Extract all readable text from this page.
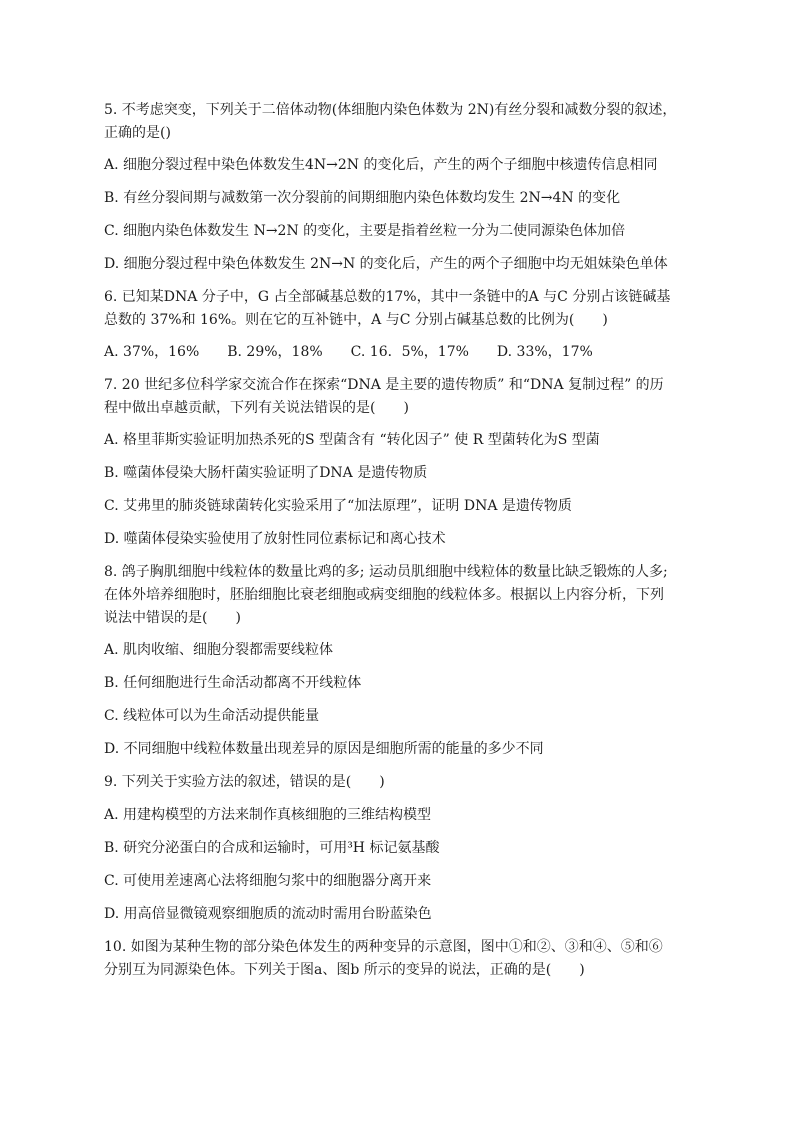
5. 不考虑突变，下列关于二倍体动物(体细胞内染色体数为 2N)有丝分裂和减数分裂的叙述，
正确的是()
A. 细胞分裂过程中染色体数发生4N→2N 的变化后，产生的两个子细胞中核遗传信息相同
B. 有丝分裂间期与减数第一次分裂前的间期细胞内染色体数均发生 2N→4N 的变化
C. 细胞内染色体数发生 N→2N 的变化，主要是指着丝粒一分为二使同源染色体加倍
D. 细胞分裂过程中染色体数发生 2N→N 的变化后，产生的两个子细胞中均无姐妹染色单体
6. 已知某DNA 分子中，G 占全部碱基总数的17%，其中一条链中的A 与C 分别占该链碱基
总数的 37%和 16%。则在它的互补链中，A 与C 分别占碱基总数的比例为(　　)
A. 37%，16%　　B. 29%，18%　　C. 16．5%，17%　　D. 33%，17%
7. 20 世纪多位科学家交流合作在探索“DNA 是主要的遗传物质” 和“DNA 复制过程” 的历
程中做出卓越贡献，下列有关说法错误的是(　　)
A. 格里菲斯实验证明加热杀死的S 型菌含有 “转化因子” 使 R 型菌转化为S 型菌
B. 噬菌体侵染大肠杆菌实验证明了DNA 是遗传物质
C. 艾弗里的肺炎链球菌转化实验采用了“加法原理”，证明 DNA 是遗传物质
D. 噬菌体侵染实验使用了放射性同位素标记和离心技术
8. 鸽子胸肌细胞中线粒体的数量比鸡的多; 运动员肌细胞中线粒体的数量比缺乏锻炼的人多;
在体外培养细胞时，胚胎细胞比衰老细胞或病变细胞的线粒体多。根据以上内容分析，下列
说法中错误的是(　　)
A. 肌肉收缩、细胞分裂都需要线粒体
B. 任何细胞进行生命活动都离不开线粒体
C. 线粒体可以为生命活动提供能量
D. 不同细胞中线粒体数量出现差异的原因是细胞所需的能量的多少不同
9. 下列关于实验方法的叙述，错误的是(　　)
A. 用建构模型的方法来制作真核细胞的三维结构模型
B. 研究分泌蛋白的合成和运输时，可用³H 标记氨基酸
C. 可使用差速离心法将细胞匀浆中的细胞器分离开来
D. 用高倍显微镜观察细胞质的流动时需用台盼蓝染色
10. 如图为某种生物的部分染色体发生的两种变异的示意图，图中①和②、③和④、⑤和⑥
分别互为同源染色体。下列关于图a、图b 所示的变异的说法，正确的是(　　)
